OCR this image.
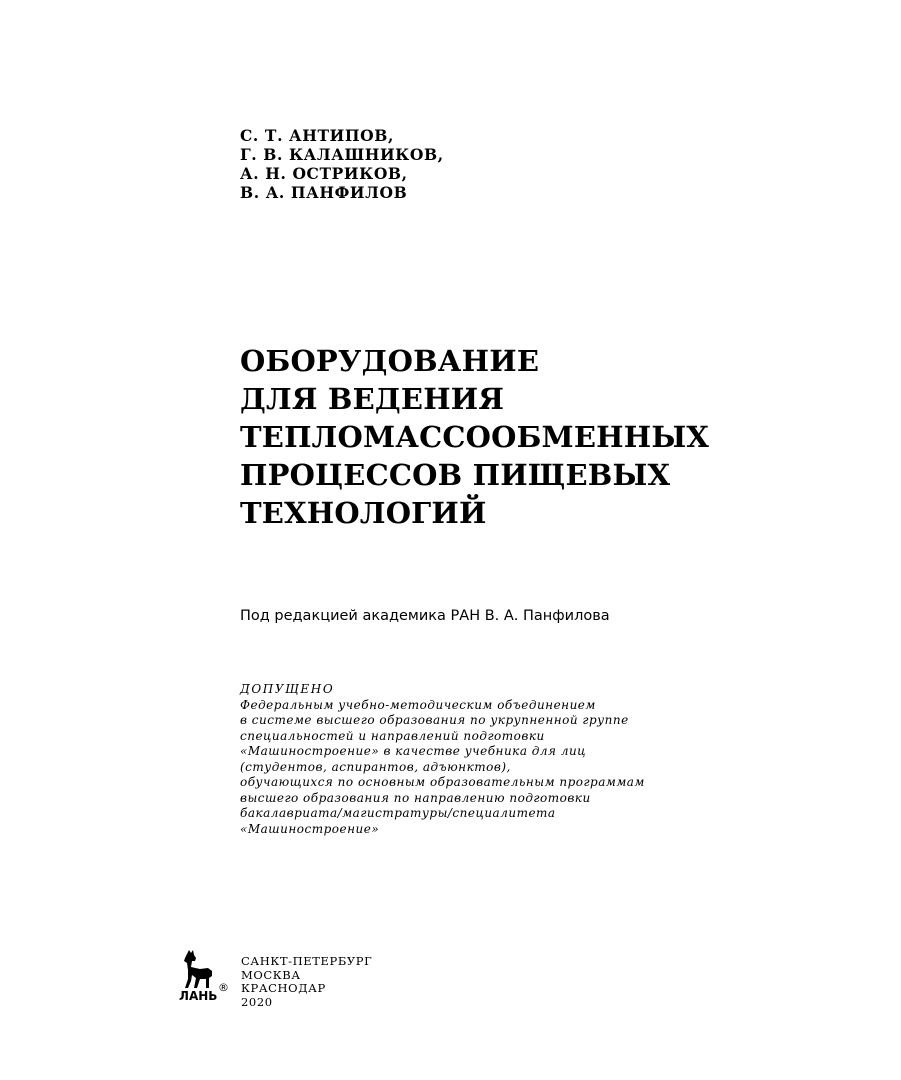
С. Т. АНТИПОВ,
Г. В. КАЛАШНИКОВ,
А. Н. ОСТРИКОВ,
В. А. ПАНФИЛОВ
ОБОРУДОВАНИЕ
ДЛЯ ВЕДЕНИЯ
ТЕПЛОМАССООБМЕННЫХ
ПРОЦЕССОВ ПИЩЕВЫХ
ТЕХНОЛОГИЙ
Под редакцией академика РАН В. А. Панфилова
ДОПУЩЕНО
Федеральным учебно-методическим объединением
в системе высшего образования по укрупненной группе
специальностей и направлений подготовки
«Машиностроение» в качестве учебника для лиц
(студентов, аспирантов, адъюнктов),
обучающихся по основным образовательным программам
высшего образования по направлению подготовки
бакалавриата/магистратуры/специалитета
«Машиностроение»
ЛАНЬ
®
САНКТ-ПЕТЕРБУРГ
МОСКВА
КРАСНОДАР
2020
